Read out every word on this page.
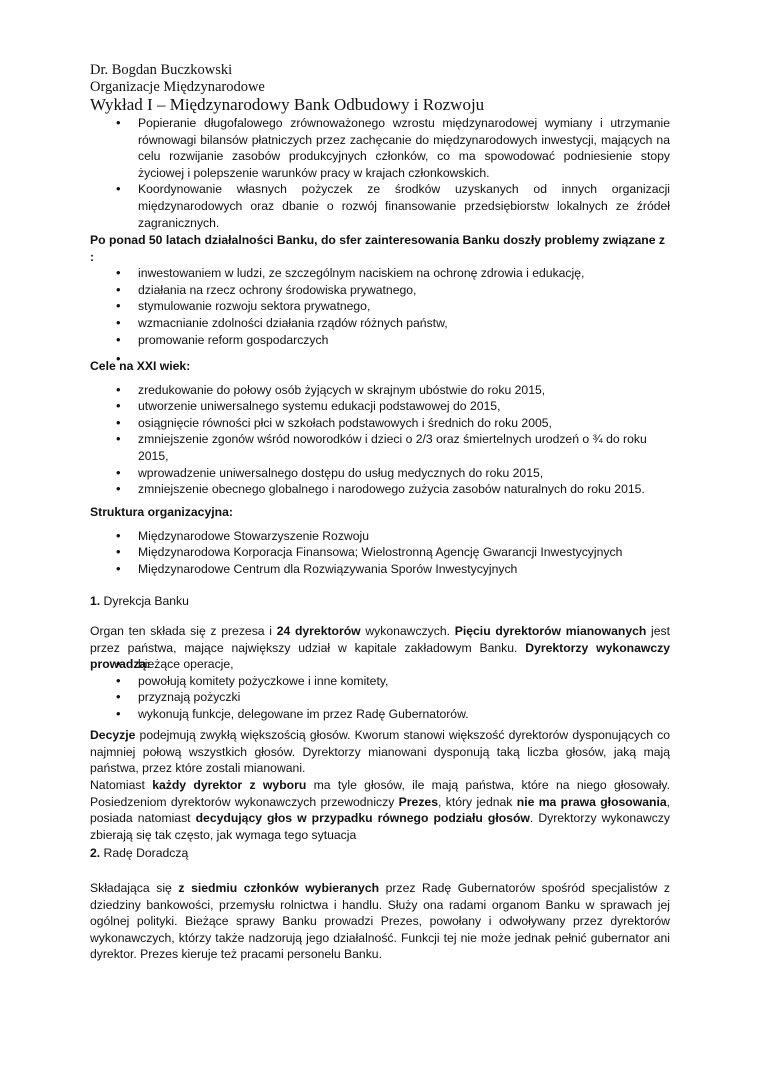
Dr. Bogdan Buczkowski
Organizacje Międzynarodowe
Wykład I – Międzynarodowy Bank Odbudowy i Rozwoju
• Popieranie długofalowego zrównoważonego wzrostu międzynarodowej wymiany i utrzymanie równowagi bilansów płatniczych przez zachęcanie do międzynarodowych inwestycji, mających na celu rozwijanie zasobów produkcyjnych członków, co ma spowodować podniesienie stopy życiowej i polepszenie warunków pracy w krajach członkowskich.
• Koordynowanie własnych pożyczek ze środków uzyskanych od innych organizacji międzynarodowych oraz dbanie o rozwój finansowanie przedsiębiorstw lokalnych ze źródeł zagranicznych.
Po ponad 50 latach działalności Banku, do sfer zainteresowania Banku doszły problemy związane z :
• inwestowaniem w ludzi, ze szczególnym naciskiem na ochronę zdrowia i edukację,
• działania na rzecz ochrony środowiska prywatnego,
• stymulowanie rozwoju sektora prywatnego,
• wzmacnianie zdolności działania rządów różnych państw,
• promowanie reform gospodarczych
•
Cele na XXI wiek:
• zredukowanie do połowy osób żyjących w skrajnym ubóstwie do roku 2015,
• utworzenie uniwersalnego systemu edukacji podstawowej do 2015,
• osiągnięcie równości płci w szkołach podstawowych i średnich do roku 2005,
• zmniejszenie zgonów wśród noworodków i dzieci o 2/3 oraz śmiertelnych urodzeń o ¾ do roku 2015,
• wprowadzenie uniwersalnego dostępu do usług medycznych do roku 2015,
• zmniejszenie obecnego globalnego i narodowego zużycia zasobów naturalnych do roku 2015.
Struktura organizacyjna:
• Międzynarodowe Stowarzyszenie Rozwoju
• Międzynarodowa Korporacja Finansowa; Wielostronną Agencję Gwarancji Inwestycyjnych
• Międzynarodowe Centrum dla Rozwiązywania Sporów Inwestycyjnych
1. Dyrekcja Banku
Organ ten składa się z prezesa i 24 dyrektorów wykonawczych. Pięciu dyrektorów mianowanych jest przez państwa, mające największy udział w kapitale zakładowym Banku. Dyrektorzy wykonawczy prowadzą:
• bieżące operacje,
• powołują komitety pożyczkowe i inne komitety,
• przyznają pożyczki
• wykonują funkcje, delegowane im przez Radę Gubernatorów.
Decyzje podejmują zwykłą większością głosów. Kworum stanowi większość dyrektorów dysponujących co najmniej połową wszystkich głosów. Dyrektorzy mianowani dysponują taką liczba głosów, jaką mają państwa, przez które zostali mianowani.
Natomiast każdy dyrektor z wyboru ma tyle głosów, ile mają państwa, które na niego głosowały. Posiedzeniom dyrektorów wykonawczych przewodniczy Prezes, który jednak nie ma prawa głosowania, posiada natomiast decydujący głos w przypadku równego podziału głosów. Dyrektorzy wykonawczy zbierają się tak często, jak wymaga tego sytuacja
2. Radę Doradczą
Składająca się z siedmiu członków wybieranych przez Radę Gubernatorów spośród specjalistów z dziedziny bankowości, przemysłu rolnictwa i handlu. Służy ona radami organom Banku w sprawach jej ogólnej polityki. Bieżące sprawy Banku prowadzi Prezes, powołany i odwoływany przez dyrektorów wykonawczych, którzy także nadzorują jego działalność. Funkcji tej nie może jednak pełnić gubernator ani dyrektor. Prezes kieruje też pracami personelu Banku.
